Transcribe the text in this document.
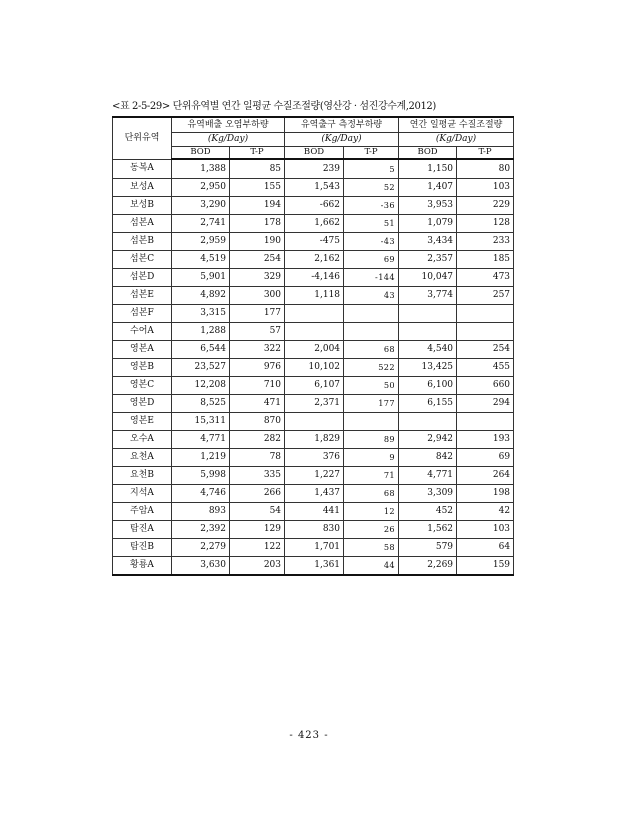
<표 2-5-29> 단위유역별 연간 일평균 수질조절량(영산강 · 섬진강수계,2012)
단위유역	유역배출 오염부하량		유역출구 측정부하량		연간 일평균 수질조절량	
	(Kg/Day)		(Kg/Day)		(Kg/Day)	
	BOD	T-P	BOD	T-P	BOD	T-P
동복A	1,388	85	239	5	1,150	80
보성A	2,950	155	1,543	52	1,407	103
보성B	3,290	194	-662	-36	3,953	229
섬본A	2,741	178	1,662	51	1,079	128
섬본B	2,959	190	-475	-43	3,434	233
섬본C	4,519	254	2,162	69	2,357	185
섬본D	5,901	329	-4,146	-144	10,047	473
섬본E	4,892	300	1,118	43	3,774	257
섬본F	3,315	177				
수어A	1,288	57				
영본A	6,544	322	2,004	68	4,540	254
영본B	23,527	976	10,102	522	13,425	455
영본C	12,208	710	6,107	50	6,100	660
영본D	8,525	471	2,371	177	6,155	294
영본E	15,311	870				
오수A	4,771	282	1,829	89	2,942	193
요천A	1,219	78	376	9	842	69
요천B	5,998	335	1,227	71	4,771	264
지석A	4,746	266	1,437	68	3,309	198
주암A	893	54	441	12	452	42
탐진A	2,392	129	830	26	1,562	103
탐진B	2,279	122	1,701	58	579	64
황룡A	3,630	203	1,361	44	2,269	159
- 423 -
